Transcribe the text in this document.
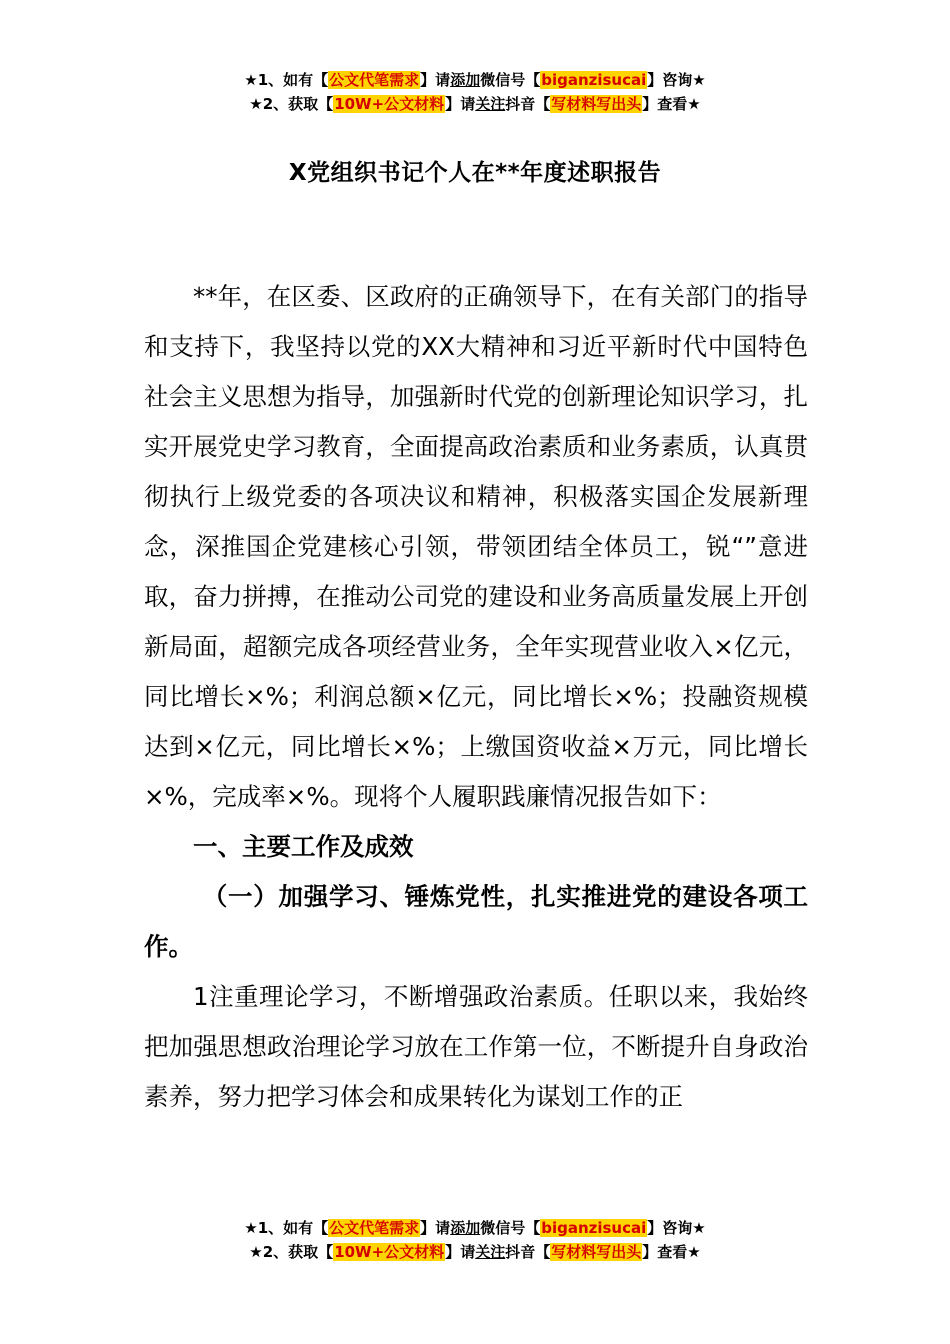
★1、如有【公文代笔需求】请添加微信号【biganzisucai】咨询★
★2、获取【10W+公文材料】请关注抖音【写材料写出头】查看★
X党组织书记个人在**年度述职报告

**年，在区委、区政府的正确领导下，在有关部门的指导和支持下，我坚持以党的XX大精神和习近平新时代中国特色社会主义思想为指导，加强新时代党的创新理论知识学习，扎实开展党史学习教育，全面提高政治素质和业务素质，认真贯彻执行上级党委的各项决议和精神，积极落实国企发展新理念，深推国企党建核心引领，带领团结全体员工，锐“”意进取，奋力拼搏，在推动公司党的建设和业务高质量发展上开创新局面，超额完成各项经营业务，全年实现营业收入×亿元，同比增长×%；利润总额×亿元，同比增长×%；投融资规模达到×亿元，同比增长×%；上缴国资收益×万元，同比增长×%，完成率×%。现将个人履职践廉情况报告如下：

一、主要工作及成效

（一）加强学习、锤炼党性，扎实推进党的建设各项工作。

1注重理论学习，不断增强政治素质。任职以来，我始终把加强思想政治理论学习放在工作第一位，不断提升自身政治素养，努力把学习体会和成果转化为谋划工作的正

★1、如有【公文代笔需求】请添加微信号【biganzisucai】咨询★
★2、获取【10W+公文材料】请关注抖音【写材料写出头】查看★
